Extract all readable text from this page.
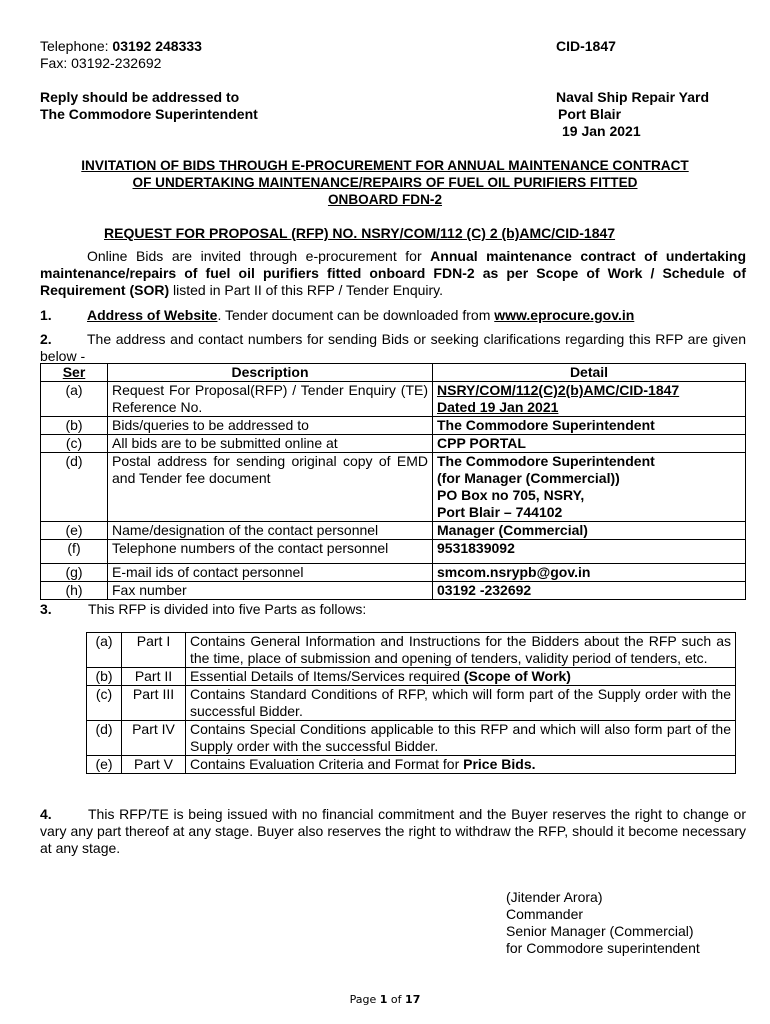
Telephone: 03192 248333
Fax: 03192-232692
CID-1847
Reply should be addressed to
The Commodore Superintendent
Naval Ship Repair Yard
Port Blair
19 Jan 2021
INVITATION OF BIDS THROUGH E-PROCUREMENT FOR ANNUAL MAINTENANCE CONTRACT
OF UNDERTAKING MAINTENANCE/REPAIRS OF FUEL OIL PURIFIERS FITTED
ONBOARD FDN-2
REQUEST FOR PROPOSAL (RFP) NO. NSRY/COM/112 (C) 2 (b)AMC/CID-1847
Online Bids are invited through e-procurement for Annual maintenance contract of undertaking maintenance/repairs of fuel oil purifiers fitted onboard FDN-2 as per Scope of Work / Schedule of Requirement (SOR) listed in Part II of this RFP / Tender Enquiry.
1.	Address of Website. Tender document can be downloaded from www.eprocure.gov.in
2.	The address and contact numbers for sending Bids or seeking clarifications regarding this RFP are given below -
Ser	Description	Detail
(a)	Request For Proposal(RFP) / Tender Enquiry (TE) Reference No.	NSRY/COM/112(C)2(b)AMC/CID-1847
Dated 19 Jan 2021

(b)	Bids/queries to be addressed to	The Commodore Superintendent

(c)	All bids are to be submitted online at	CPP PORTAL

(d)	Postal address for sending original copy of EMD and Tender fee document	The Commodore Superintendent
(for Manager (Commercial))
PO Box no 705, NSRY,
Port Blair – 744102

(e)	Name/designation of the contact personnel	Manager (Commercial)

(f)	Telephone numbers of the contact personnel	9531839092

(g)	E-mail ids of contact personnel	smcom.nsrypb@gov.in

(h)	Fax number	03192 -232692
3.	This RFP is divided into five Parts as follows:
(a)	Part I	Contains General Information and Instructions for the Bidders about the RFP such as the time, place of submission and opening of tenders, validity period of tenders, etc.
(b)	Part II	Essential Details of Items/Services required (Scope of Work)
(c)	Part III	Contains Standard Conditions of RFP, which will form part of the Supply order with the successful Bidder.
(d)	Part IV	Contains Special Conditions applicable to this RFP and which will also form part of the Supply order with the successful Bidder.
(e)	Part V	Contains Evaluation Criteria and Format for Price Bids.
4.	This RFP/TE is being issued with no financial commitment and the Buyer reserves the right to change or vary any part thereof at any stage. Buyer also reserves the right to withdraw the RFP, should it become necessary at any stage.
(Jitender Arora)
Commander
Senior Manager (Commercial)
for Commodore superintendent
Page 1 of 17
